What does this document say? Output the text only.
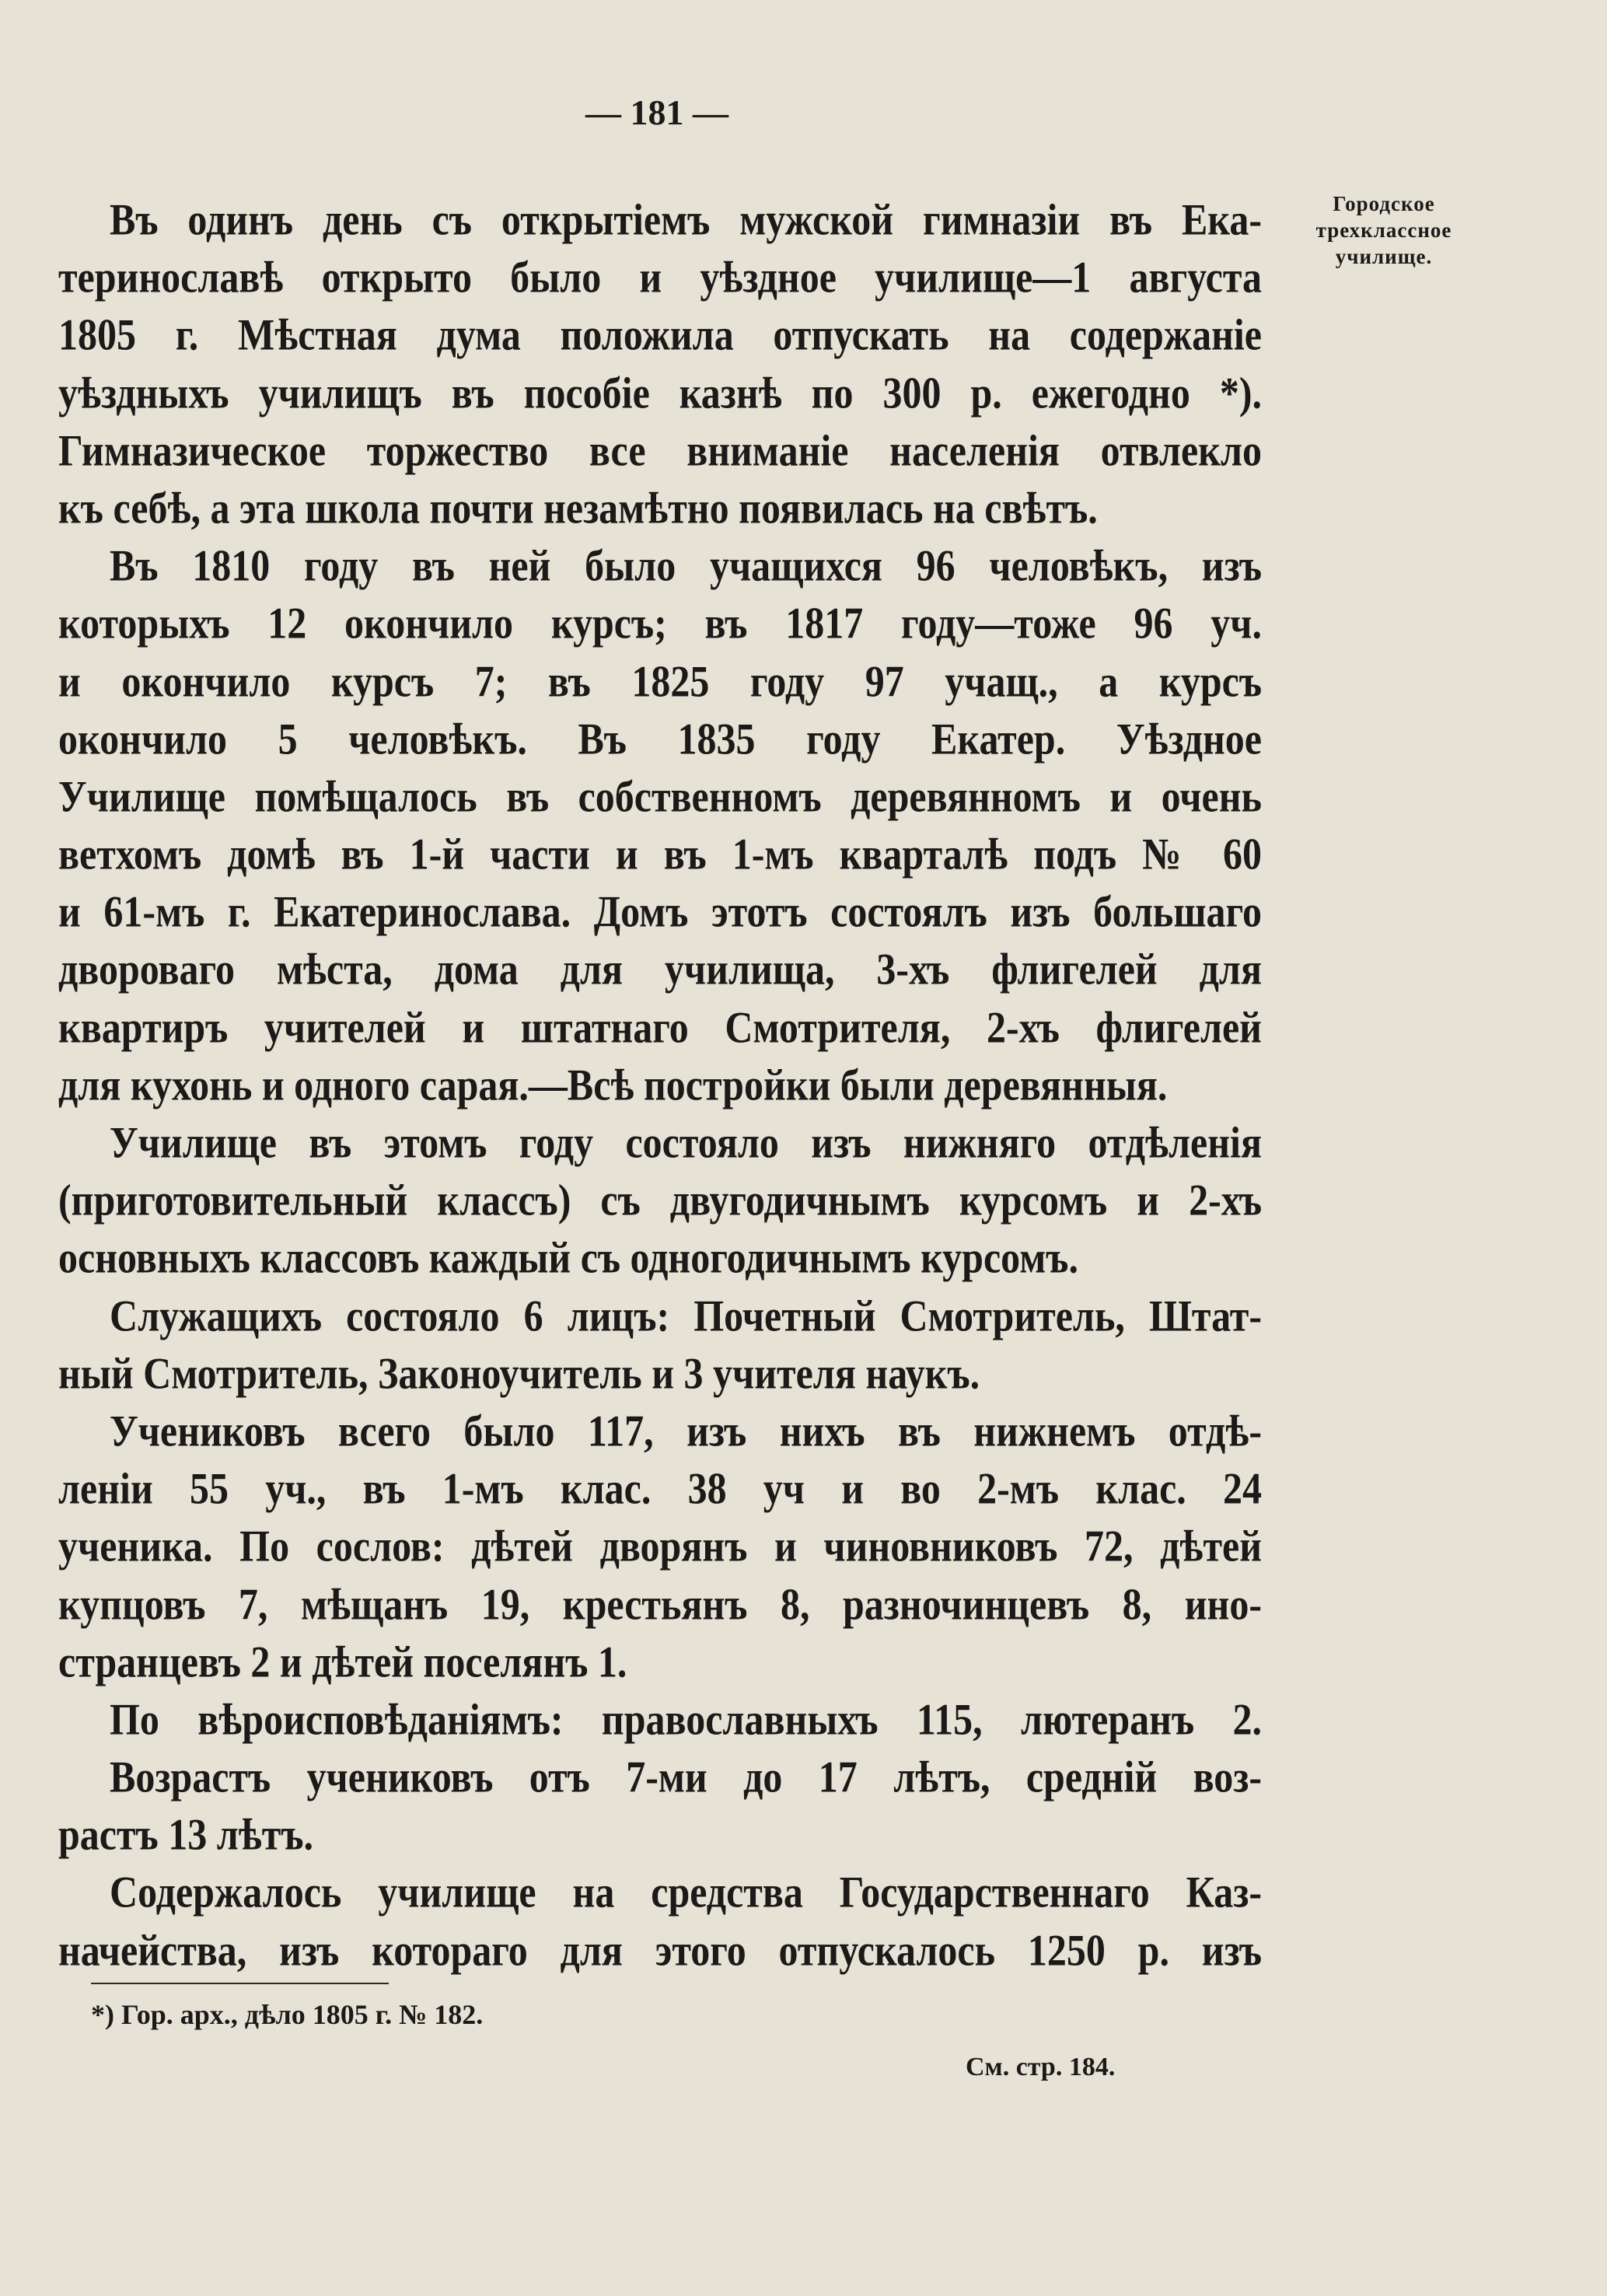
— 181 —
Городское
трехклассное
училище.
Въ одинъ день съ открытіемъ мужской гимназіи въ Ека-
теринославѣ открыто было и уѣздное училище—1 августа
1805 г. Мѣстная дума положила отпускать на содержаніе
уѣздныхъ училищъ въ пособіе казнѣ по 300 р. ежегодно *).
Гимназическое торжество все вниманіе населенія отвлекло
къ себѣ, а эта школа почти незамѣтно появилась на свѣтъ.
Въ 1810 году въ ней было учащихся 96 человѣкъ, изъ
которыхъ 12 окончило курсъ; въ 1817 году—тоже 96 уч.
и окончило курсъ 7; въ 1825 году 97 учащ., а курсъ
окончило 5 человѣкъ. Въ 1835 году Екатер. Уѣздное
Училище помѣщалось въ собственномъ деревянномъ и очень
ветхомъ домѣ въ 1-й части и въ 1-мъ кварталѣ подъ № 60
и 61-мъ г. Екатеринослава. Домъ этотъ состоялъ изъ большаго
двороваго мѣста, дома для училища, 3-хъ флигелей для
квартиръ учителей и штатнаго Смотрителя, 2-хъ флигелей
для кухонь и одного сарая.—Всѣ постройки были деревянныя.
Училище въ этомъ году состояло изъ нижняго отдѣленія
(приготовительный классъ) съ двугодичнымъ курсомъ и 2-хъ
основныхъ классовъ каждый съ одногодичнымъ курсомъ.
Служащихъ состояло 6 лицъ: Почетный Смотритель, Штат-
ный Смотритель, Законоучитель и 3 учителя наукъ.
Учениковъ всего было 117, изъ нихъ въ нижнемъ отдѣ-
леніи 55 уч., въ 1-мъ клас. 38 уч и во 2-мъ клас. 24
ученика. По сослов: дѣтей дворянъ и чиновниковъ 72, дѣтей
купцовъ 7, мѣщанъ 19, крестьянъ 8, разночинцевъ 8, ино-
странцевъ 2 и дѣтей поселянъ 1.
По вѣроисповѣданіямъ: православныхъ 115, лютеранъ 2.
Возрастъ учениковъ отъ 7-ми до 17 лѣтъ, среднiй воз-
растъ 13 лѣтъ.
Содержалось училище на средства Государственнаго Каз-
начейства, изъ котораго для этого отпускалось 1250 р. изъ
*) Гор. арх., дѣло 1805 г. № 182.
См. стр. 184.
